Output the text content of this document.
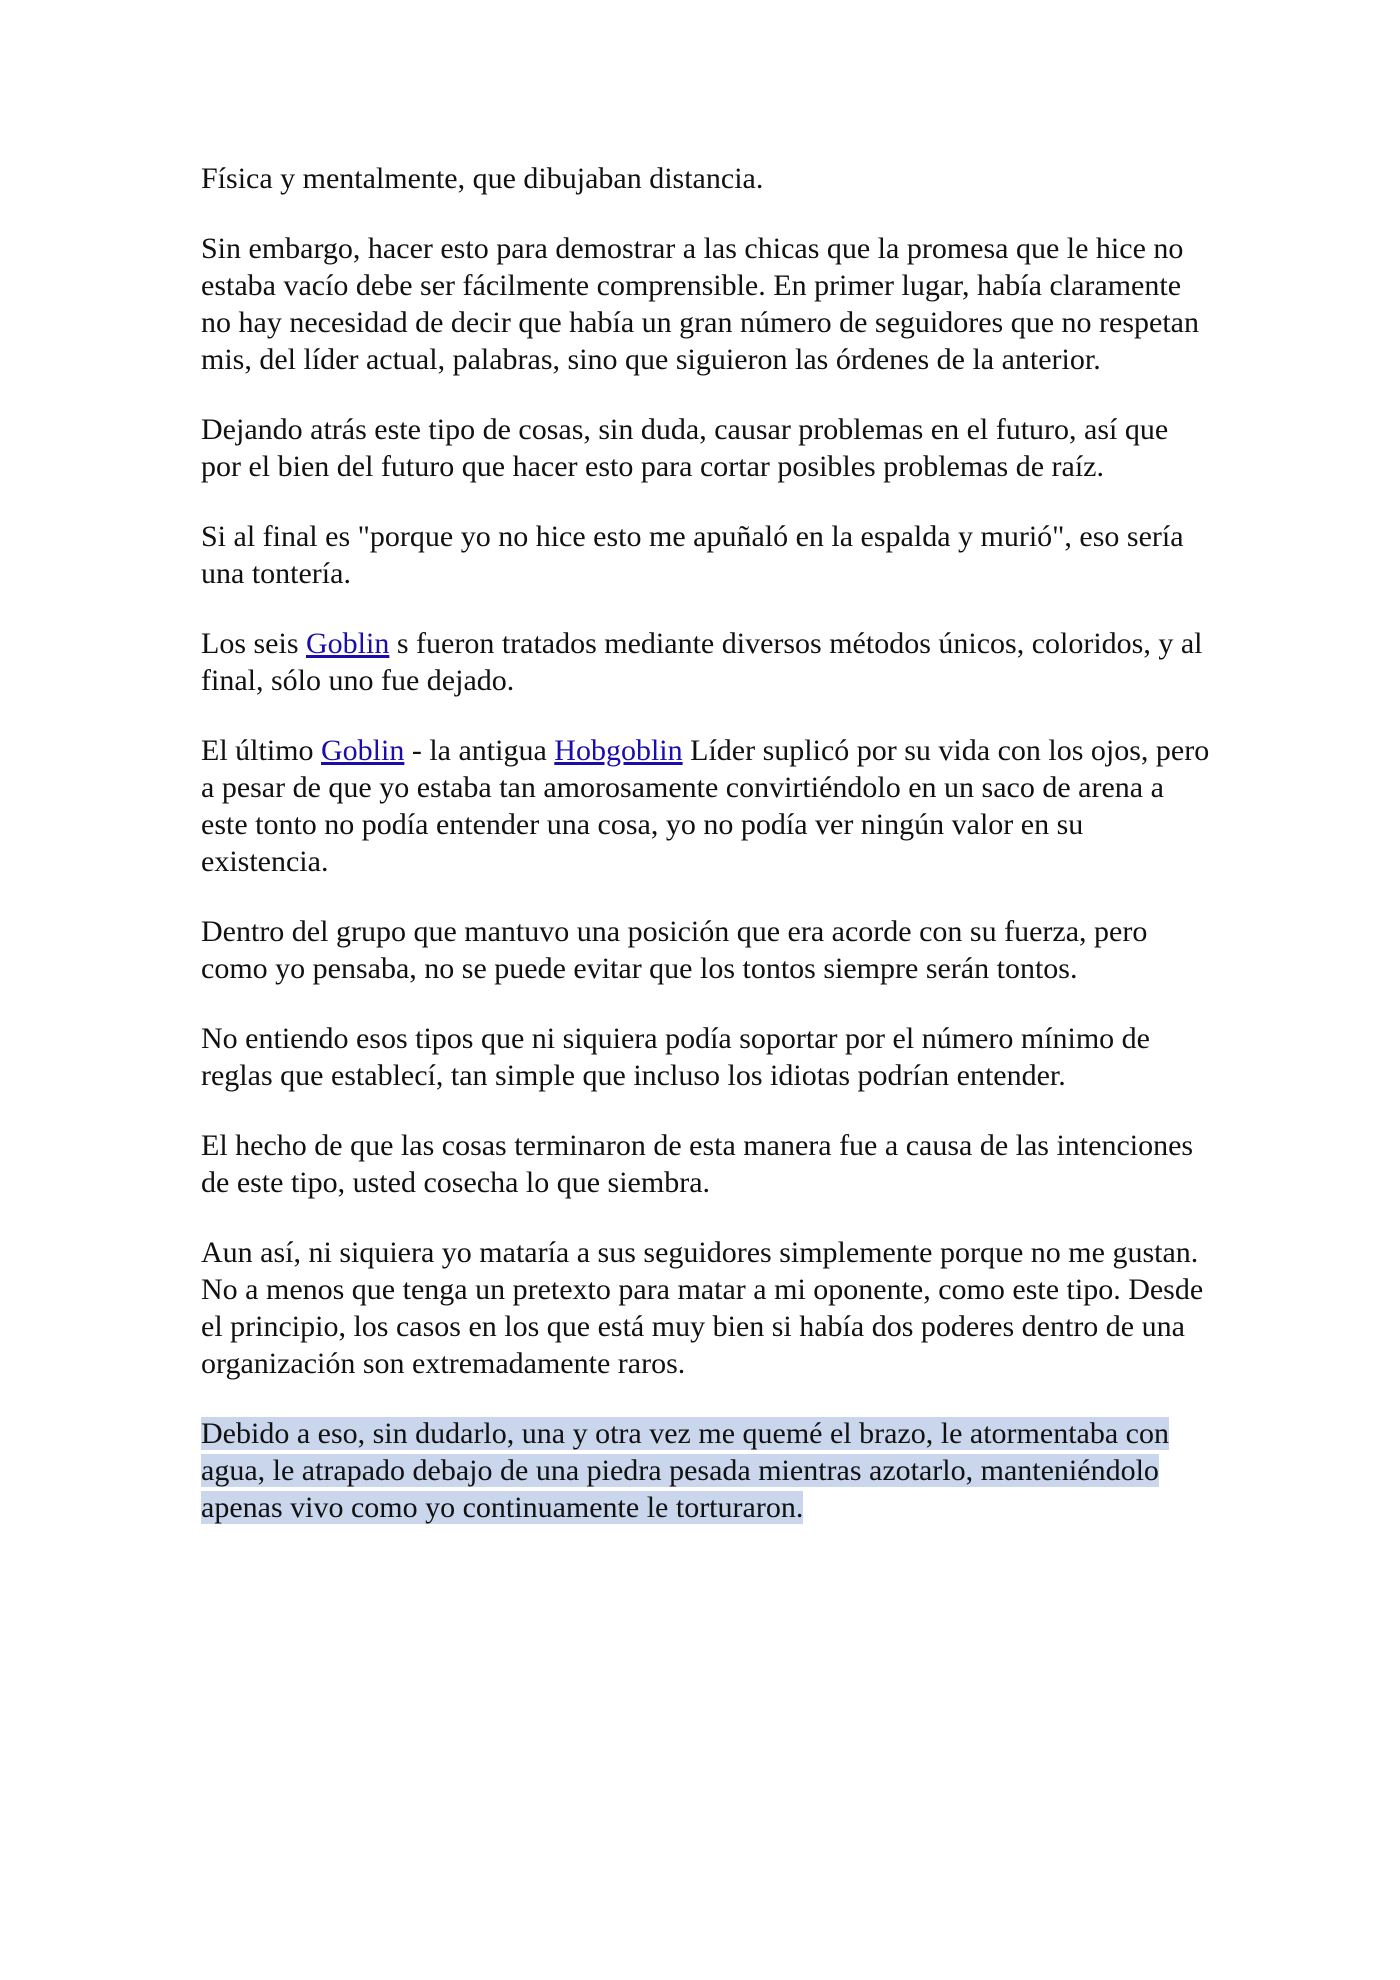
Física y mentalmente, que dibujaban distancia.

Sin embargo, hacer esto para demostrar a las chicas que la promesa que le hice no estaba vacío debe ser fácilmente comprensible. En primer lugar, había claramente no hay necesidad de decir que había un gran número de seguidores que no respetan mis, del líder actual, palabras, sino que siguieron las órdenes de la anterior.

Dejando atrás este tipo de cosas, sin duda, causar problemas en el futuro, así que por el bien del futuro que hacer esto para cortar posibles problemas de raíz.

Si al final es "porque yo no hice esto me apuñaló en la espalda y murió", eso sería una tontería.

Los seis Goblin s fueron tratados mediante diversos métodos únicos, coloridos, y al final, sólo uno fue dejado.

El último Goblin - la antigua Hobgoblin Líder suplicó por su vida con los ojos, pero a pesar de que yo estaba tan amorosamente convirtiéndolo en un saco de arena a este tonto no podía entender una cosa, yo no podía ver ningún valor en su existencia.

Dentro del grupo que mantuvo una posición que era acorde con su fuerza, pero como yo pensaba, no se puede evitar que los tontos siempre serán tontos.

No entiendo esos tipos que ni siquiera podía soportar por el número mínimo de reglas que establecí, tan simple que incluso los idiotas podrían entender.

El hecho de que las cosas terminaron de esta manera fue a causa de las intenciones de este tipo, usted cosecha lo que siembra.

Aun así, ni siquiera yo mataría a sus seguidores simplemente porque no me gustan. No a menos que tenga un pretexto para matar a mi oponente, como este tipo. Desde el principio, los casos en los que está muy bien si había dos poderes dentro de una organización son extremadamente raros.

Debido a eso, sin dudarlo, una y otra vez me quemé el brazo, le atormentaba con agua, le atrapado debajo de una piedra pesada mientras azotarlo, manteniéndolo apenas vivo como yo continuamente le torturaron.
